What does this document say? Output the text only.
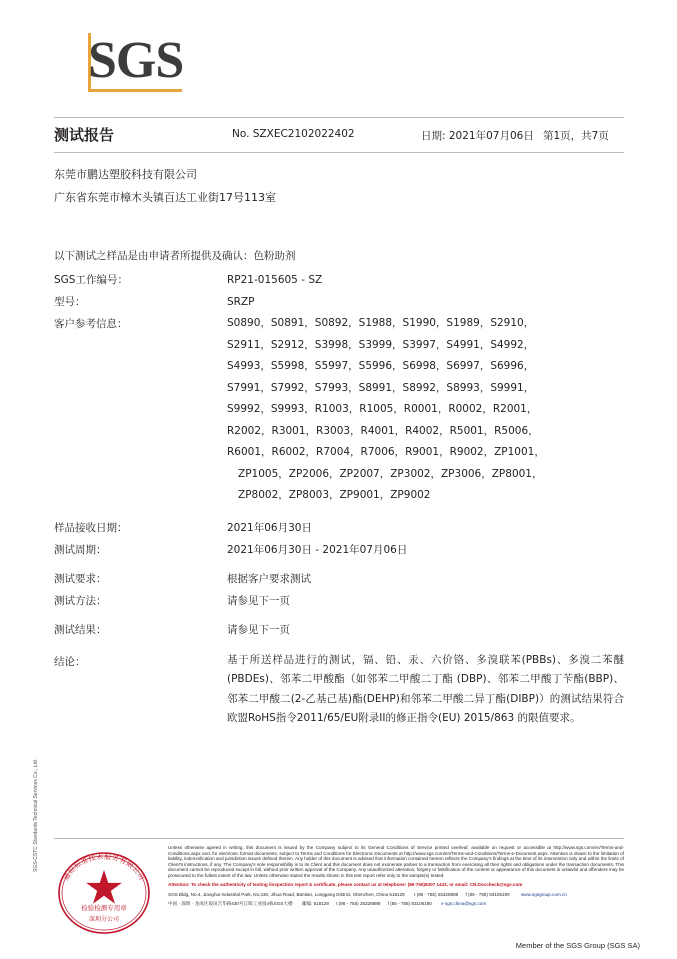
SGS
测试报告	No. SZXEC2102022402	日期: 2021年07月06日 第1页，共7页
东莞市鹏达塑胶科技有限公司
广东省东莞市樟木头镇百达工业街17号113室
以下测试之样品是由申请者所提供及确认：色粉助剂
SGS工作编号：	RP21-015605 - SZ
型号：	SRZP
客户参考信息：	S0890，S0891，S0892，S1988，S1990，S1989，S2910，
S2911，S2912，S3998，S3999，S3997，S4991，S4992，
S4993，S5998，S5997，S5996，S6998，S6997，S6996，
S7991，S7992，S7993，S8991，S8992，S8993，S9991，
S9992，S9993，R1003，R1005，R0001，R0002，R2001，
R2002，R3001，R3003，R4001，R4002，R5001，R5006，
R6001，R6002，R7004，R7006，R9001，R9002，ZP1001，
ZP1005，ZP2006，ZP2007，ZP3002，ZP3006，ZP8001，
ZP8002，ZP8003，ZP9001，ZP9002
样品接收日期：	2021年06月30日
测试周期：	2021年06月30日 - 2021年07月06日
测试要求：	根据客户要求测试
测试方法：	请参见下一页
测试结果：	请参见下一页
结论：	基于所送样品进行的测试，镉、铅、汞、六价铬、多溴联苯(PBBs)、多溴二苯醚(PBDEs)、邻苯二甲酸酯（如邻苯二甲酸二丁酯 (DBP)、邻苯二甲酸丁苄酯(BBP)、邻苯二甲酸二(2-乙基己基)酯(DEHP)和邻苯二甲酸二异丁酯(DIBP)）的测试结果符合欧盟RoHS指令2011/65/EU附录II的修正指令(EU) 2015/863 的限值要求。
通标标准技术服务有限公司
检验检测专用章
深圳分公司
SGS-CSTC Standards Technical Services Co., Ltd.	Unless otherwise agreed in writing, this document is issued by the Company subject to its General Conditions of Service printed overleaf, available on request or accessible at http://www.sgs.com/en/Terms-and-Conditions.aspx and, for electronic format documents, subject to Terms and Conditions for Electronic Documents at http://www.sgs.com/en/Terms-and-Conditions/Terms-e-Document.aspx. Attention is drawn to the limitation of liability, indemnification and jurisdiction issues defined therein. Any holder of this document is advised that information contained hereon reflects the Company's findings at the time of its intervention only and within the limits of Client's instructions, if any. The Company's sole responsibility is to its Client and this document does not exonerate parties to a transaction from exercising all their rights and obligations under the transaction documents. This document cannot be reproduced except in full, without prior written approval of the Company. Any unauthorized alteration, forgery or falsification of the content or appearance of this document is unlawful and offenders may be prosecuted to the fullest extent of the law. Unless otherwise stated the results shown in this test report refer only to the sample(s) tested.

Attention: To check the authenticity of testing /inspection report & certificate, please contact us at telephone: (86-755)8307 1443, or email: CN.Doccheck@sgs.com

SGS Bldg, No.4, Jianghui Industrial Park, No.430, Jihua Road, Bantian, Longgang District, Shenzhen, China 518129 t (86 - 755) 25328888 f (86 - 755) 83106190 www.sgsgroup.com.cn
中国 · 深圳 · 龙岗区坂田吉华路430号江晖工业园4栋SGS大楼 邮编: 518129 t (86 - 755) 25328888 f (86 - 755) 83106190 e sgs.china@sgs.com
Member of the SGS Group (SGS SA)
